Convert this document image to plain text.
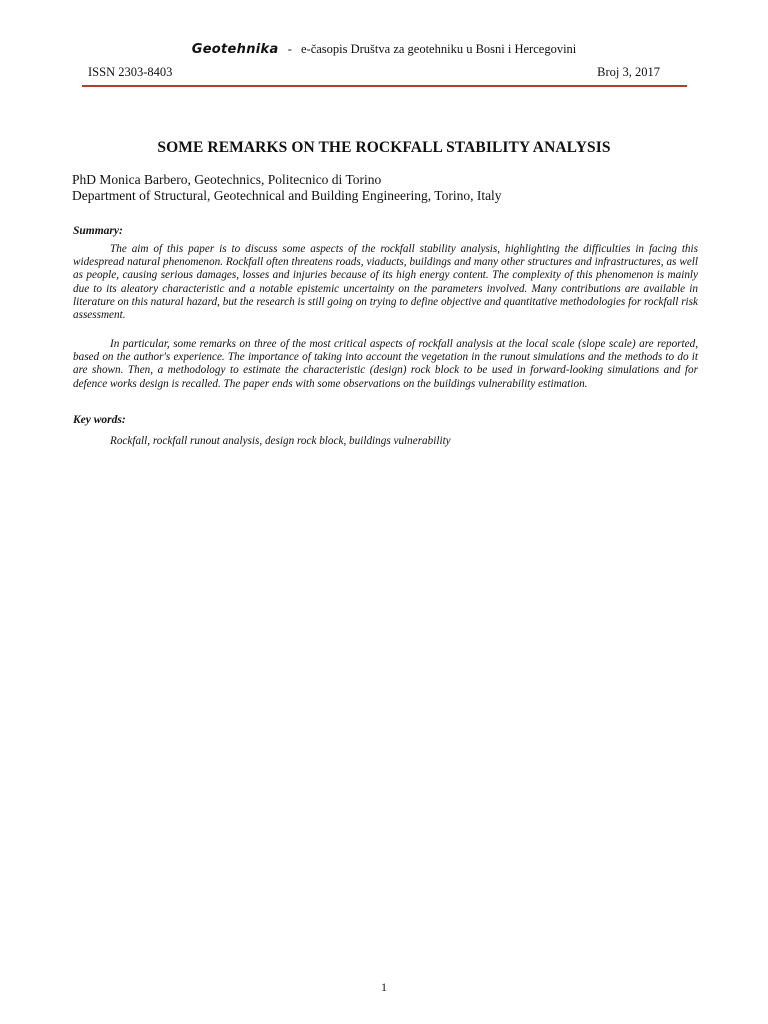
Geotehnika - e-časopis Društva za geotehniku u Bosni i Hercegovini
ISSN 2303-8403	Broj 3, 2017
SOME REMARKS ON THE ROCKFALL STABILITY ANALYSIS
PhD Monica Barbero, Geotechnics, Politecnico di Torino
Department of Structural, Geotechnical and Building Engineering, Torino, Italy
Summary:

The aim of this paper is to discuss some aspects of the rockfall stability analysis, highlighting the difficulties in facing this widespread natural phenomenon. Rockfall often threatens roads, viaducts, buildings and many other structures and infrastructures, as well as people, causing serious damages, losses and injuries because of its high energy content. The complexity of this phenomenon is mainly due to its aleatory characteristic and a notable epistemic uncertainty on the parameters involved. Many contributions are available in literature on this natural hazard, but the research is still going on trying to define objective and quantitative methodologies for rockfall risk assessment.

In particular, some remarks on three of the most critical aspects of rockfall analysis at the local scale (slope scale) are reported, based on the author's experience. The importance of taking into account the vegetation in the runout simulations and the methods to do it are shown. Then, a methodology to estimate the characteristic (design) rock block to be used in forward-looking simulations and for defence works design is recalled. The paper ends with some observations on the buildings vulnerability estimation.

Key words:
Rockfall, rockfall runout analysis, design rock block, buildings vulnerability
1
